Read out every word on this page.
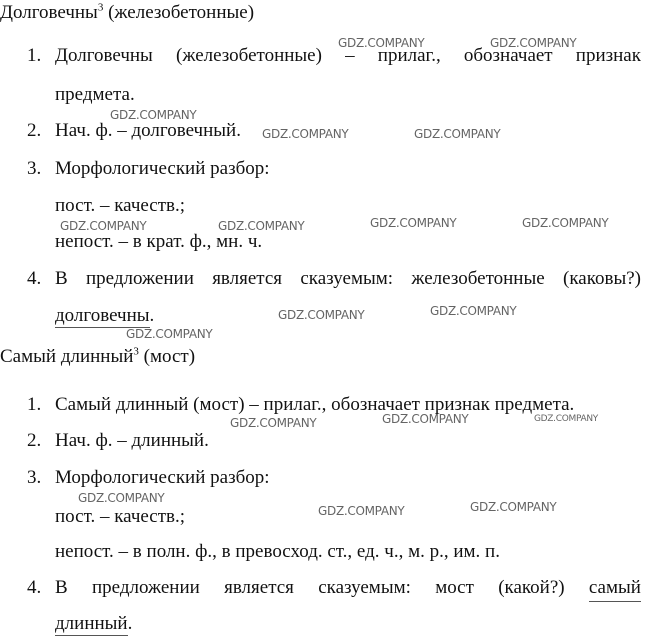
Долговечны$^3$ (железобетонные)
1. Долговечны (железобетонные) – прилаг., обозначает признак
предмета.
2. Нач. ф. – долговечный.
3. Морфологический разбор:
пост. – качеств.;
непост. – в крат. ф., мн. ч.
4. В предложении является сказуемым: железобетонные (каковы?)
долговечны.
Самый длинный$^3$ (мост)
1. Самый длинный (мост) – прилаг., обозначает признак предмета.
2. Нач. ф. – длинный.
3. Морфологический разбор:
пост. – качеств.;
непост. – в полн. ф., в превосход. ст., ед. ч., м. р., им. п.
4. В предложении является сказуемым: мост (какой?) самый
длинный.
GDZ.COMPANY	GDZ.COMPANY
GDZ.COMPANY
GDZ.COMPANY	GDZ.COMPANY
GDZ.COMPANY	GDZ.COMPANY	GDZ.COMPANY	GDZ.COMPANY
GDZ.COMPANY	GDZ.COMPANY
GDZ.COMPANY
GDZ.COMPANY	GDZ.COMPANY	GDZ.COMPANY
GDZ.COMPANY
GDZ.COMPANY	GDZ.COMPANY
